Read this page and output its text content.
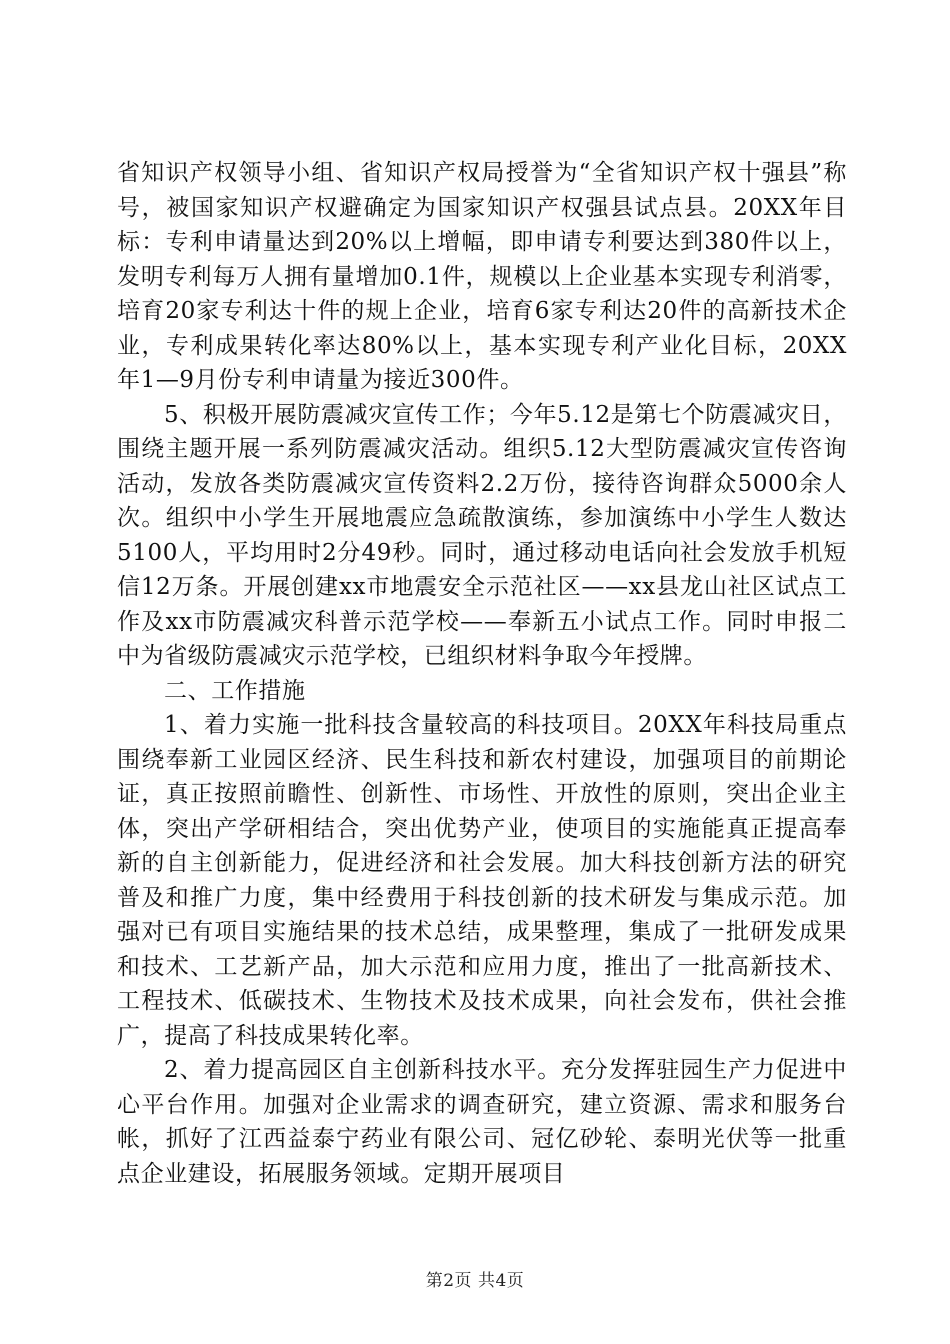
省知识产权领导小组、省知识产权局授誉为“全省知识产权十强县”称号，被国家知识产权避确定为国家知识产权强县试点县。20XX年目标：专利申请量达到20%以上增幅，即申请专利要达到380件以上，发明专利每万人拥有量增加0.1件，规模以上企业基本实现专利消零，培育20家专利达十件的规上企业，培育6家专利达20件的高新技术企业，专利成果转化率达80%以上，基本实现专利产业化目标，20XX年1—9月份专利申请量为接近300件。

5、积极开展防震减灾宣传工作；今年5.12是第七个防震减灾日，围绕主题开展一系列防震减灾活动。组织5.12大型防震减灾宣传咨询活动，发放各类防震减灾宣传资料2.2万份，接待咨询群众5000余人次。组织中小学生开展地震应急疏散演练，参加演练中小学生人数达5100人，平均用时2分49秒。同时，通过移动电话向社会发放手机短信12万条。开展创建xx市地震安全示范社区——xx县龙山社区试点工作及xx市防震减灾科普示范学校——奉新五小试点工作。同时申报二中为省级防震减灾示范学校，已组织材料争取今年授牌。

二、工作措施

1、着力实施一批科技含量较高的科技项目。20XX年科技局重点围绕奉新工业园区经济、民生科技和新农村建设，加强项目的前期论证，真正按照前瞻性、创新性、市场性、开放性的原则，突出企业主体，突出产学研相结合，突出优势产业，使项目的实施能真正提高奉新的自主创新能力，促进经济和社会发展。加大科技创新方法的研究普及和推广力度，集中经费用于科技创新的技术研发与集成示范。加强对已有项目实施结果的技术总结，成果整理，集成了一批研发成果和技术、工艺新产品，加大示范和应用力度，推出了一批高新技术、工程技术、低碳技术、生物技术及技术成果，向社会发布，供社会推广，提高了科技成果转化率。

2、着力提高园区自主创新科技水平。充分发挥驻园生产力促进中心平台作用。加强对企业需求的调查研究，建立资源、需求和服务台帐，抓好了江西益泰宁药业有限公司、冠亿砂轮、泰明光伏等一批重点企业建设，拓展服务领域。定期开展项目

第2页 共4页
